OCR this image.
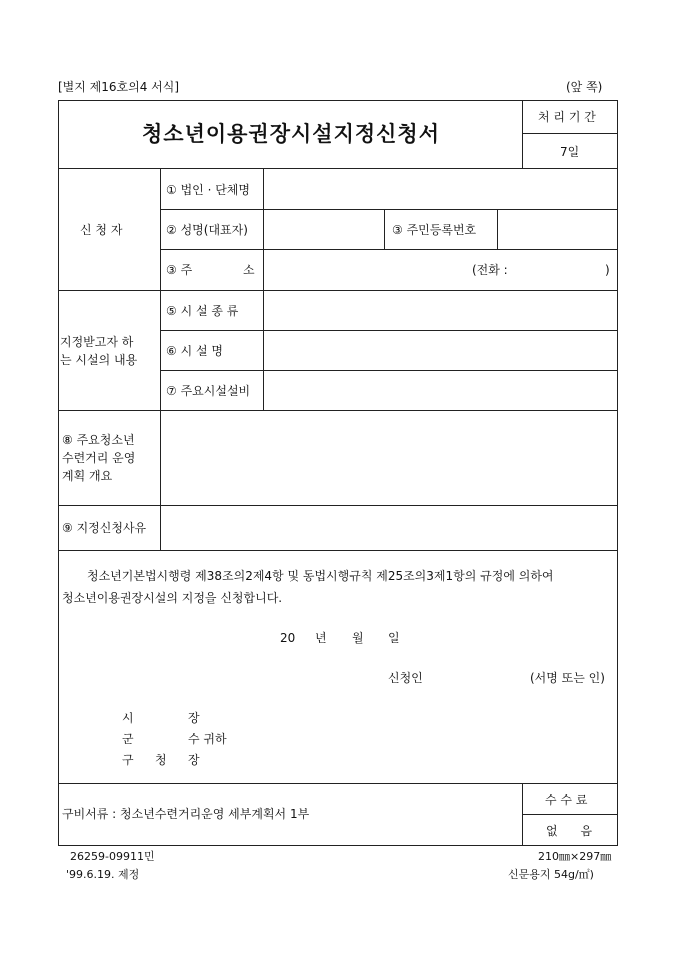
[별지 제16호의4 서식]	(앞 쪽)
청소년이용권장시설지정신청서
처 리 기 간
7일
신 청 자
① 법인 · 단체명
② 성명(대표자)	③ 주민등록번호
③ 주	소	(전화 :	)
지정받고자 하
는 시설의 내용
⑤ 시 설 종 류
⑥ 시 설 명
⑦ 주요시설설비
⑧ 주요청소년
수련거리 운영
계획 개요
⑨ 지정신청사유
청소년기본법시행령 제38조의2제4항 및 동법시행규칙 제25조의3제1항의 규정에 의하여
청소년이용권장시설의 지정을 신청합니다.
20 년 월 일
신청인	(서명 또는 인)
시	장
군	수 귀하
구 청 장
구비서류 : 청소년수련거리운영 세부계획서 1부
수 수 료
없      음
26259-09911민
'99.6.19. 제정
210㎜×297㎜
신문용지 54g/㎡)
